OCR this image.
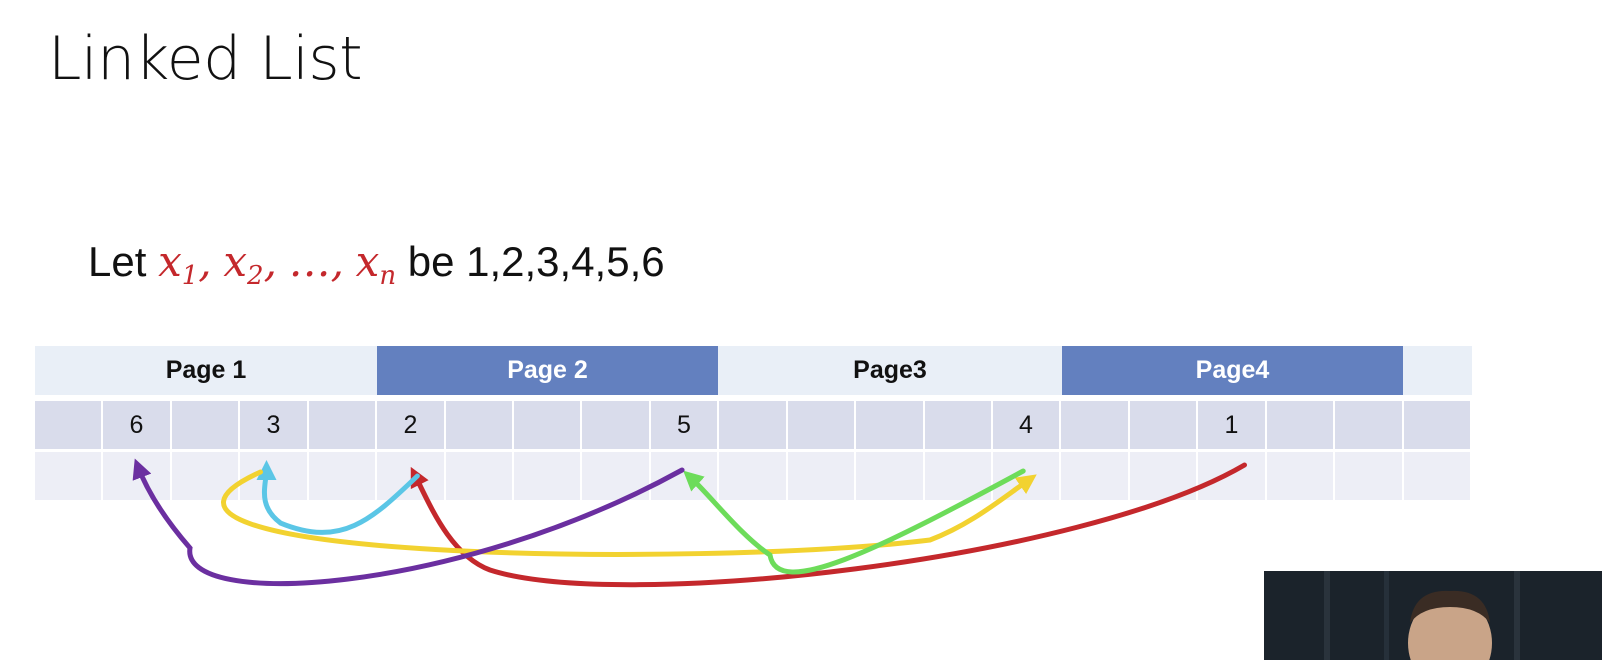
Linked List
Let $x_1$, $x_2$, …, $x_n$ be 1,2,3,4,5,6
Page 1	Page 2	Page3	Page4
6	3	2	5	4	1
